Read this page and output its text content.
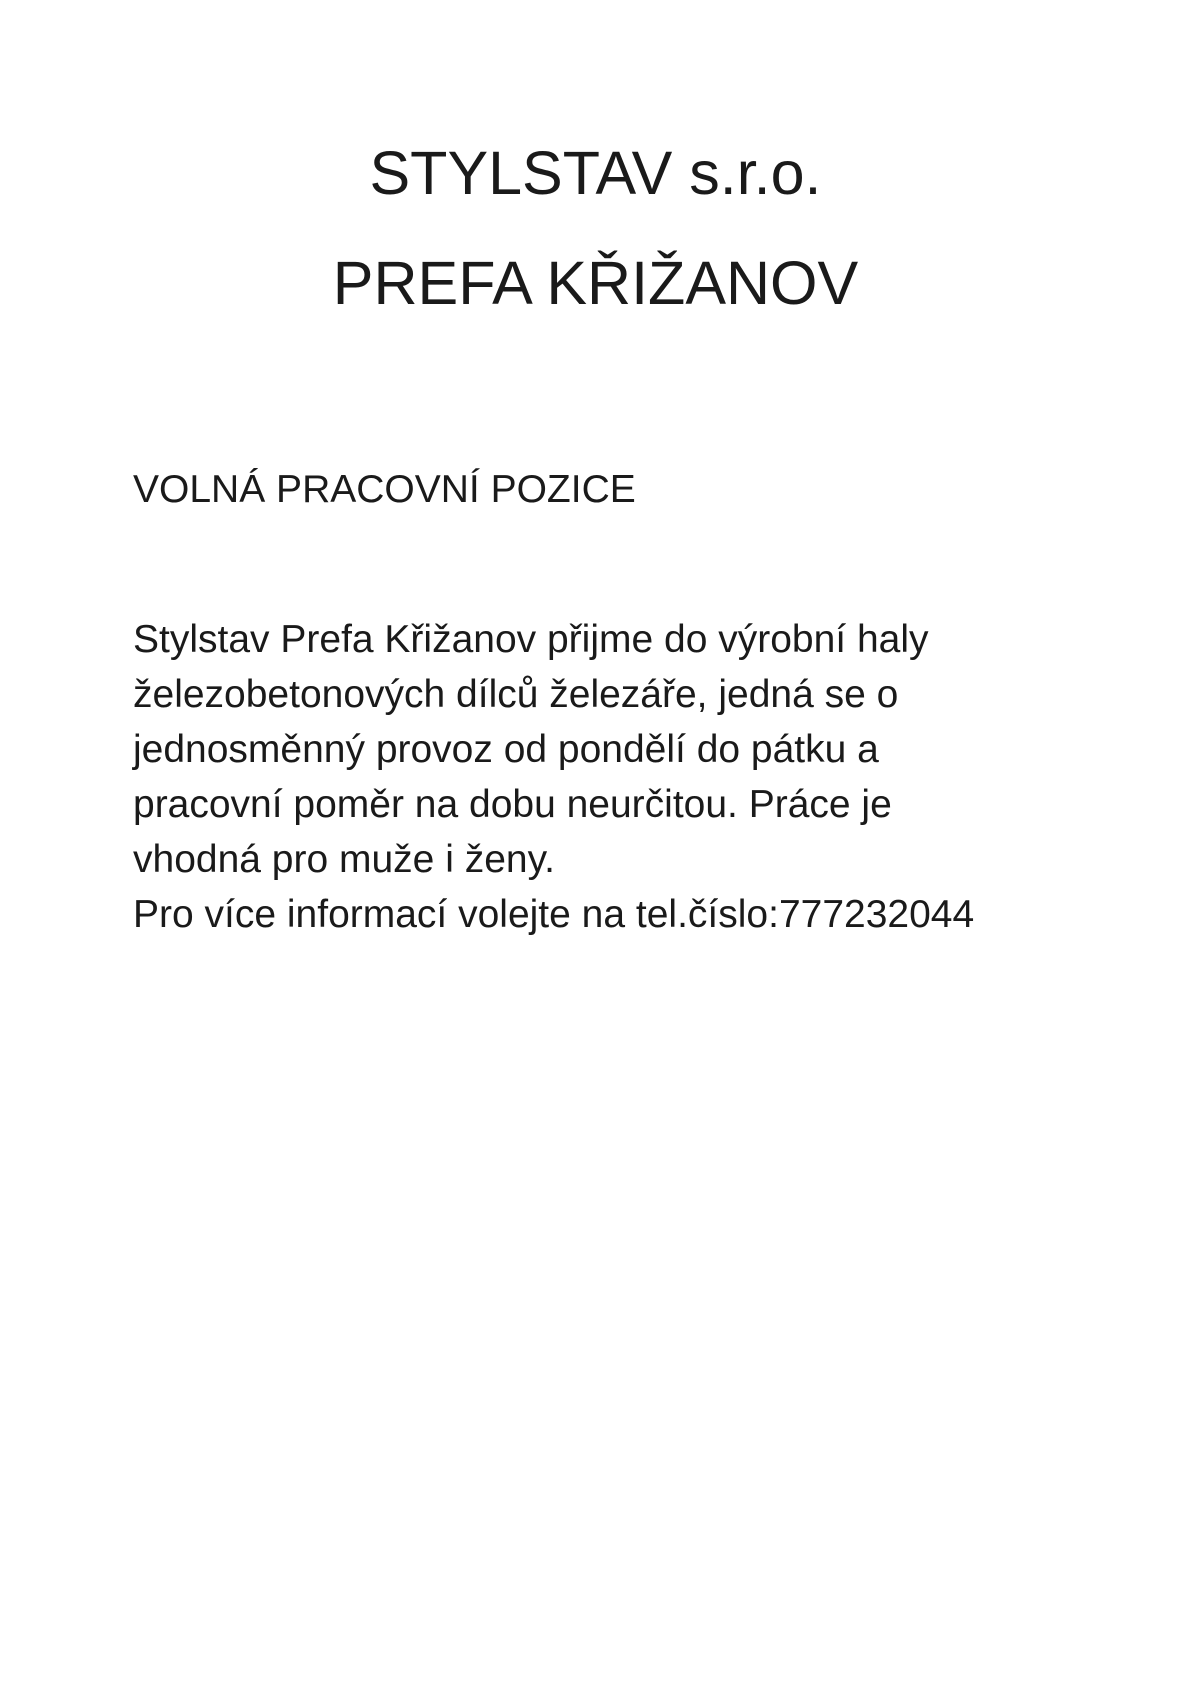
STYLSTAV s.r.o.
PREFA KŘIŽANOV
VOLNÁ PRACOVNÍ POZICE
Stylstav Prefa Křižanov přijme do výrobní haly
železobetonových dílců železáře, jedná se o
jednosměnný provoz od pondělí do pátku a
pracovní poměr na dobu neurčitou. Práce je
vhodná pro muže i ženy.
Pro více informací volejte na tel.číslo:777232044
